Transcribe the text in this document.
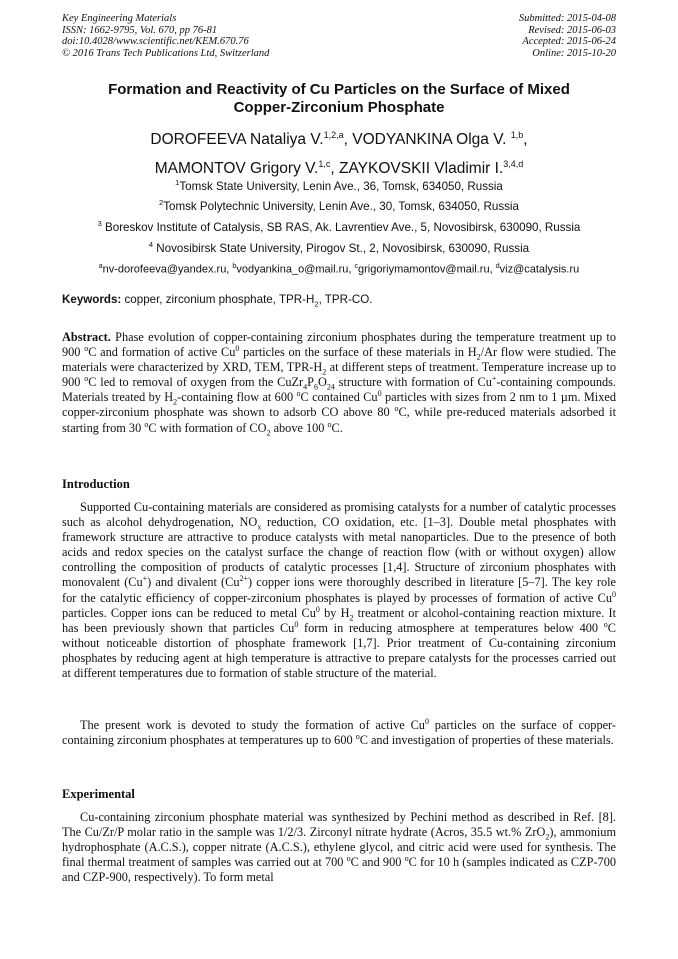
Key Engineering Materials
ISSN: 1662-9795, Vol. 670, pp 76-81
doi:10.4028/www.scientific.net/KEM.670.76
© 2016 Trans Tech Publications Ltd, Switzerland
Submitted: 2015-04-08
Revised: 2015-06-03
Accepted: 2015-06-24
Online: 2015-10-20
Formation and Reactivity of Cu Particles on the Surface of Mixed
Copper-Zirconium Phosphate
DOROFEEVA Nataliya V.$^{1,2,a}$, VODYANKINA Olga V. $^{1,b}$,
MAMONTOV Grigory V.$^{1,c}$, ZAYKOVSKII Vladimir I.$^{3,4,d}$
$^1$Tomsk State University, Lenin Ave., 36, Tomsk, 634050, Russia
$^2$Tomsk Polytechnic University, Lenin Ave., 30, Tomsk, 634050, Russia
$^3$ Boreskov Institute of Catalysis, SB RAS, Ak. Lavrentiev Ave., 5, Novosibirsk, 630090, Russia
$^4$ Novosibirsk State University, Pirogov St., 2, Novosibirsk, 630090, Russia
$^a$nv-dorofeeva@yandex.ru, $^b$vodyankina_o@mail.ru, $^c$grigoriymamontov@mail.ru, $^d$viz@catalysis.ru
Keywords: copper, zirconium phosphate, TPR-$H_2$, TPR-CO.
Abstract. Phase evolution of copper-containing zirconium phosphates during the temperature treatment up to 900 $^o$C and formation of active Cu$^0$ particles on the surface of these materials in $H_2/Ar$ flow were studied. The materials were characterized by XRD, TEM, TPR-$H_2$ at different steps of treatment. Temperature increase up to 900 $^o$C led to removal of oxygen from the $CuZr_4P_6O_{24}$ structure with formation of Cu+-containing compounds. Materials treated by $H_2$-containing flow at 600 $^o$C contained Cu$^0$ particles with sizes from 2 nm to 1 µm. Mixed copper-zirconium phosphate was shown to adsorb CO above 80 $^o$C, while pre-reduced materials adsorbed it starting from 30 $^o$C with formation of $CO_2$ above 100 $^o$C.
Introduction
Supported Cu-containing materials are considered as promising catalysts for a number of catalytic processes such as alcohol dehydrogenation, $NO_x$ reduction, CO oxidation, etc. [1–3]. Double metal phosphates with framework structure are attractive to produce catalysts with metal nanoparticles. Due to the presence of both acids and redox species on the catalyst surface the change of reaction flow (with or without oxygen) allow controlling the composition of products of catalytic processes [1,4]. Structure of zirconium phosphates with monovalent (Cu+) and divalent $(Cu^{2+})$ copper ions were thoroughly described in literature [5–7]. The key role for the catalytic efficiency of copper-zirconium phosphates is played by processes of formation of active Cu$^0$ particles. Copper ions can be reduced to metal Cu$^0$ by $H_2$ treatment or alcohol-containing reaction mixture. It has been previously shown that particles Cu$^0$ form in reducing atmosphere at temperatures below 400 $^o$C without noticeable distortion of phosphate framework [1,7]. Prior treatment of Cu-containing zirconium phosphates by reducing agent at high temperature is attractive to prepare catalysts for the processes carried out at different temperatures due to formation of stable structure of the material.
The present work is devoted to study the formation of active Cu$^0$ particles on the surface of copper-containing zirconium phosphates at temperatures up to 600 $^o$C and investigation of properties of these materials.
Experimental
Cu-containing zirconium phosphate material was synthesized by Pechini method as described in Ref. [8]. The Cu/Zr/P molar ratio in the sample was 1/2/3. Zirconyl nitrate hydrate (Acros, 35.5 wt.% ZrO$_2$), ammonium hydrophosphate (A.C.S.), copper nitrate (A.C.S.), ethylene glycol, and citric acid were used for synthesis. The final thermal treatment of samples was carried out at 700 $^o$C and 900 $^o$C for 10 h (samples indicated as CZP-700 and CZP-900, respectively). To form metal
